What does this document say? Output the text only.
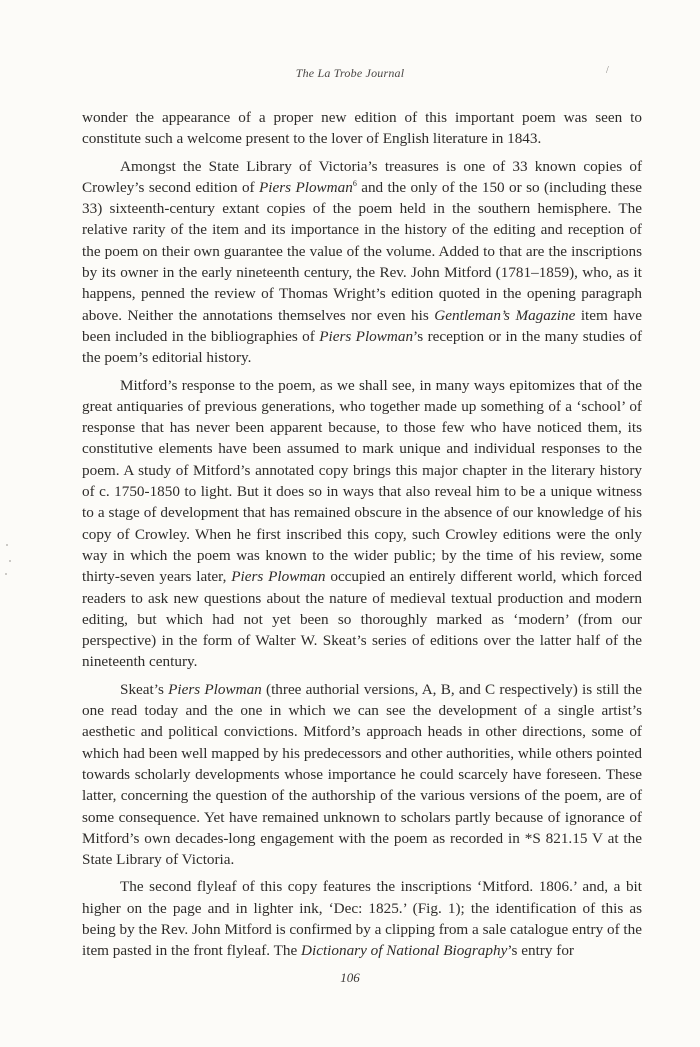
The La Trobe Journal	/

wonder the appearance of a proper new edition of this important poem was seen to constitute such a welcome present to the lover of English literature in 1843.

Amongst the State Library of Victoria’s treasures is one of 33 known copies of Crowley’s second edition of Piers Plowman$^6$ and the only of the 150 or so (including these 33) sixteenth-century extant copies of the poem held in the southern hemisphere. The relative rarity of the item and its importance in the history of the editing and reception of the poem on their own guarantee the value of the volume. Added to that are the inscriptions by its owner in the early nineteenth century, the Rev. John Mitford (1781–1859), who, as it happens, penned the review of Thomas Wright’s edition quoted in the opening paragraph above. Neither the annotations themselves nor even his Gentleman’s Magazine item have been included in the bibliographies of Piers Plowman’s reception or in the many studies of the poem’s editorial history.

Mitford’s response to the poem, as we shall see, in many ways epitomizes that of the great antiquaries of previous generations, who together made up something of a ‘school’ of response that has never been apparent because, to those few who have noticed them, its constitutive elements have been assumed to mark unique and individual responses to the poem. A study of Mitford’s annotated copy brings this major chapter in the literary history of c. 1750-1850 to light. But it does so in ways that also reveal him to be a unique witness to a stage of development that has remained obscure in the absence of our knowledge of his copy of Crowley. When he first inscribed this copy, such Crowley editions were the only way in which the poem was known to the wider public; by the time of his review, some thirty-seven years later, Piers Plowman occupied an entirely different world, which forced readers to ask new questions about the nature of medieval textual production and modern editing, but which had not yet been so thoroughly marked as ‘modern’ (from our perspective) in the form of Walter W. Skeat’s series of editions over the latter half of the nineteenth century.

Skeat’s Piers Plowman (three authorial versions, A, B, and C respectively) is still the one read today and the one in which we can see the development of a single artist’s aesthetic and political convictions. Mitford’s approach heads in other directions, some of which had been well mapped by his predecessors and other authorities, while others pointed towards scholarly developments whose importance he could scarcely have foreseen. These latter, concerning the question of the authorship of the various versions of the poem, are of some consequence. Yet have remained unknown to scholars partly because of ignorance of Mitford’s own decades-long engagement with the poem as recorded in *S 821.15 V at the State Library of Victoria.

The second flyleaf of this copy features the inscriptions ‘Mitford. 1806.’ and, a bit higher on the page and in lighter ink, ‘Dec: 1825.’ (Fig. 1); the identification of this as being by the Rev. John Mitford is confirmed by a clipping from a sale catalogue entry of the item pasted in the front flyleaf. The Dictionary of National Biography’s entry for

106
